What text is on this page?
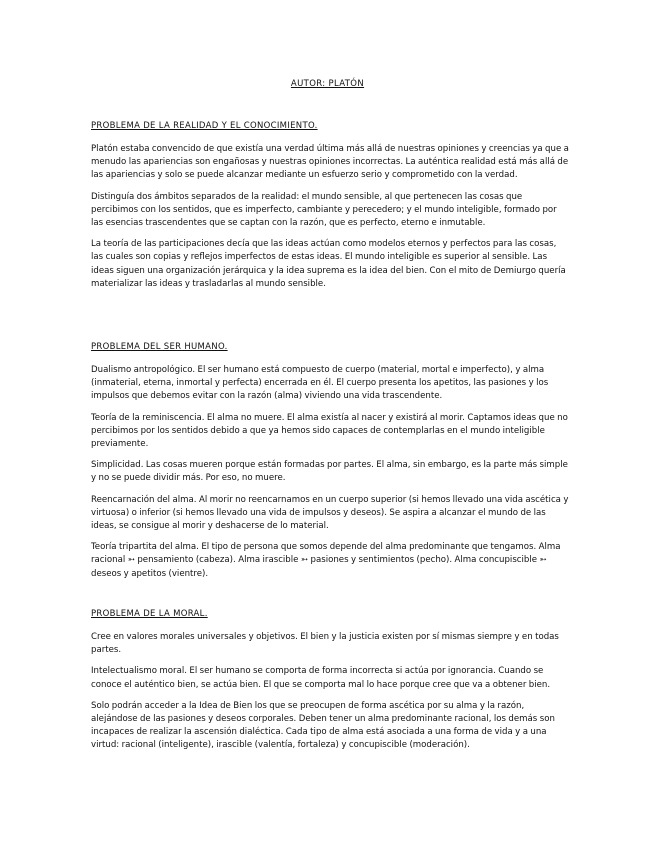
AUTOR: PLATÓN
PROBLEMA DE LA REALIDAD Y EL CONOCIMIENTO.

Platón estaba convencido de que existía una verdad última más allá de nuestras opiniones y creencias ya que a menudo las apariencias son engañosas y nuestras opiniones incorrectas. La auténtica realidad está más allá de las apariencias y solo se puede alcanzar mediante un esfuerzo serio y comprometido con la verdad.

Distinguía dos ámbitos separados de la realidad: el mundo sensible, al que pertenecen las cosas que percibimos con los sentidos, que es imperfecto, cambiante y perecedero; y el mundo inteligible, formado por las esencias trascendentes que se captan con la razón, que es perfecto, eterno e inmutable.

La teoría de las participaciones decía que las ideas actúan como modelos eternos y perfectos para las cosas, las cuales son copias y reflejos imperfectos de estas ideas. El mundo inteligible es superior al sensible. Las ideas siguen una organización jerárquica y la idea suprema es la idea del bien. Con el mito de Demiurgo quería materializar las ideas y trasladarlas al mundo sensible.

PROBLEMA DEL SER HUMANO.

Dualismo antropológico. El ser humano está compuesto de cuerpo (material, mortal e imperfecto), y alma (inmaterial, eterna, inmortal y perfecta) encerrada en él. El cuerpo presenta los apetitos, las pasiones y los impulsos que debemos evitar con la razón (alma) viviendo una vida trascendente.

Teoría de la reminiscencia. El alma no muere. El alma existía al nacer y existirá al morir. Captamos ideas que no percibimos por los sentidos debido a que ya hemos sido capaces de contemplarlas en el mundo inteligible previamente.

Simplicidad. Las cosas mueren porque están formadas por partes. El alma, sin embargo, es la parte más simple y no se puede dividir más. Por eso, no muere.

Reencarnación del alma. Al morir no reencarnamos en un cuerpo superior (si hemos llevado una vida ascética y virtuosa) o inferior (si hemos llevado una vida de impulsos y deseos). Se aspira a alcanzar el mundo de las ideas, se consigue al morir y deshacerse de lo material.

Teoría tripartita del alma. El tipo de persona que somos depende del alma predominante que tengamos. Alma racional ➳ pensamiento (cabeza). Alma irascible ➳ pasiones y sentimientos (pecho). Alma concupiscible ➳ deseos y apetitos (vientre).

PROBLEMA DE LA MORAL.

Cree en valores morales universales y objetivos. El bien y la justicia existen por sí mismas siempre y en todas partes.

Intelectualismo moral. El ser humano se comporta de forma incorrecta si actúa por ignorancia. Cuando se conoce el auténtico bien, se actúa bien. El que se comporta mal lo hace porque cree que va a obtener bien.

Solo podrán acceder a la Idea de Bien los que se preocupen de forma ascética por su alma y la razón, alejándose de las pasiones y deseos corporales. Deben tener un alma predominante racional, los demás son incapaces de realizar la ascensión dialéctica. Cada tipo de alma está asociada a una forma de vida y a una virtud: racional (inteligente), irascible (valentía, fortaleza) y concupiscible (moderación).
